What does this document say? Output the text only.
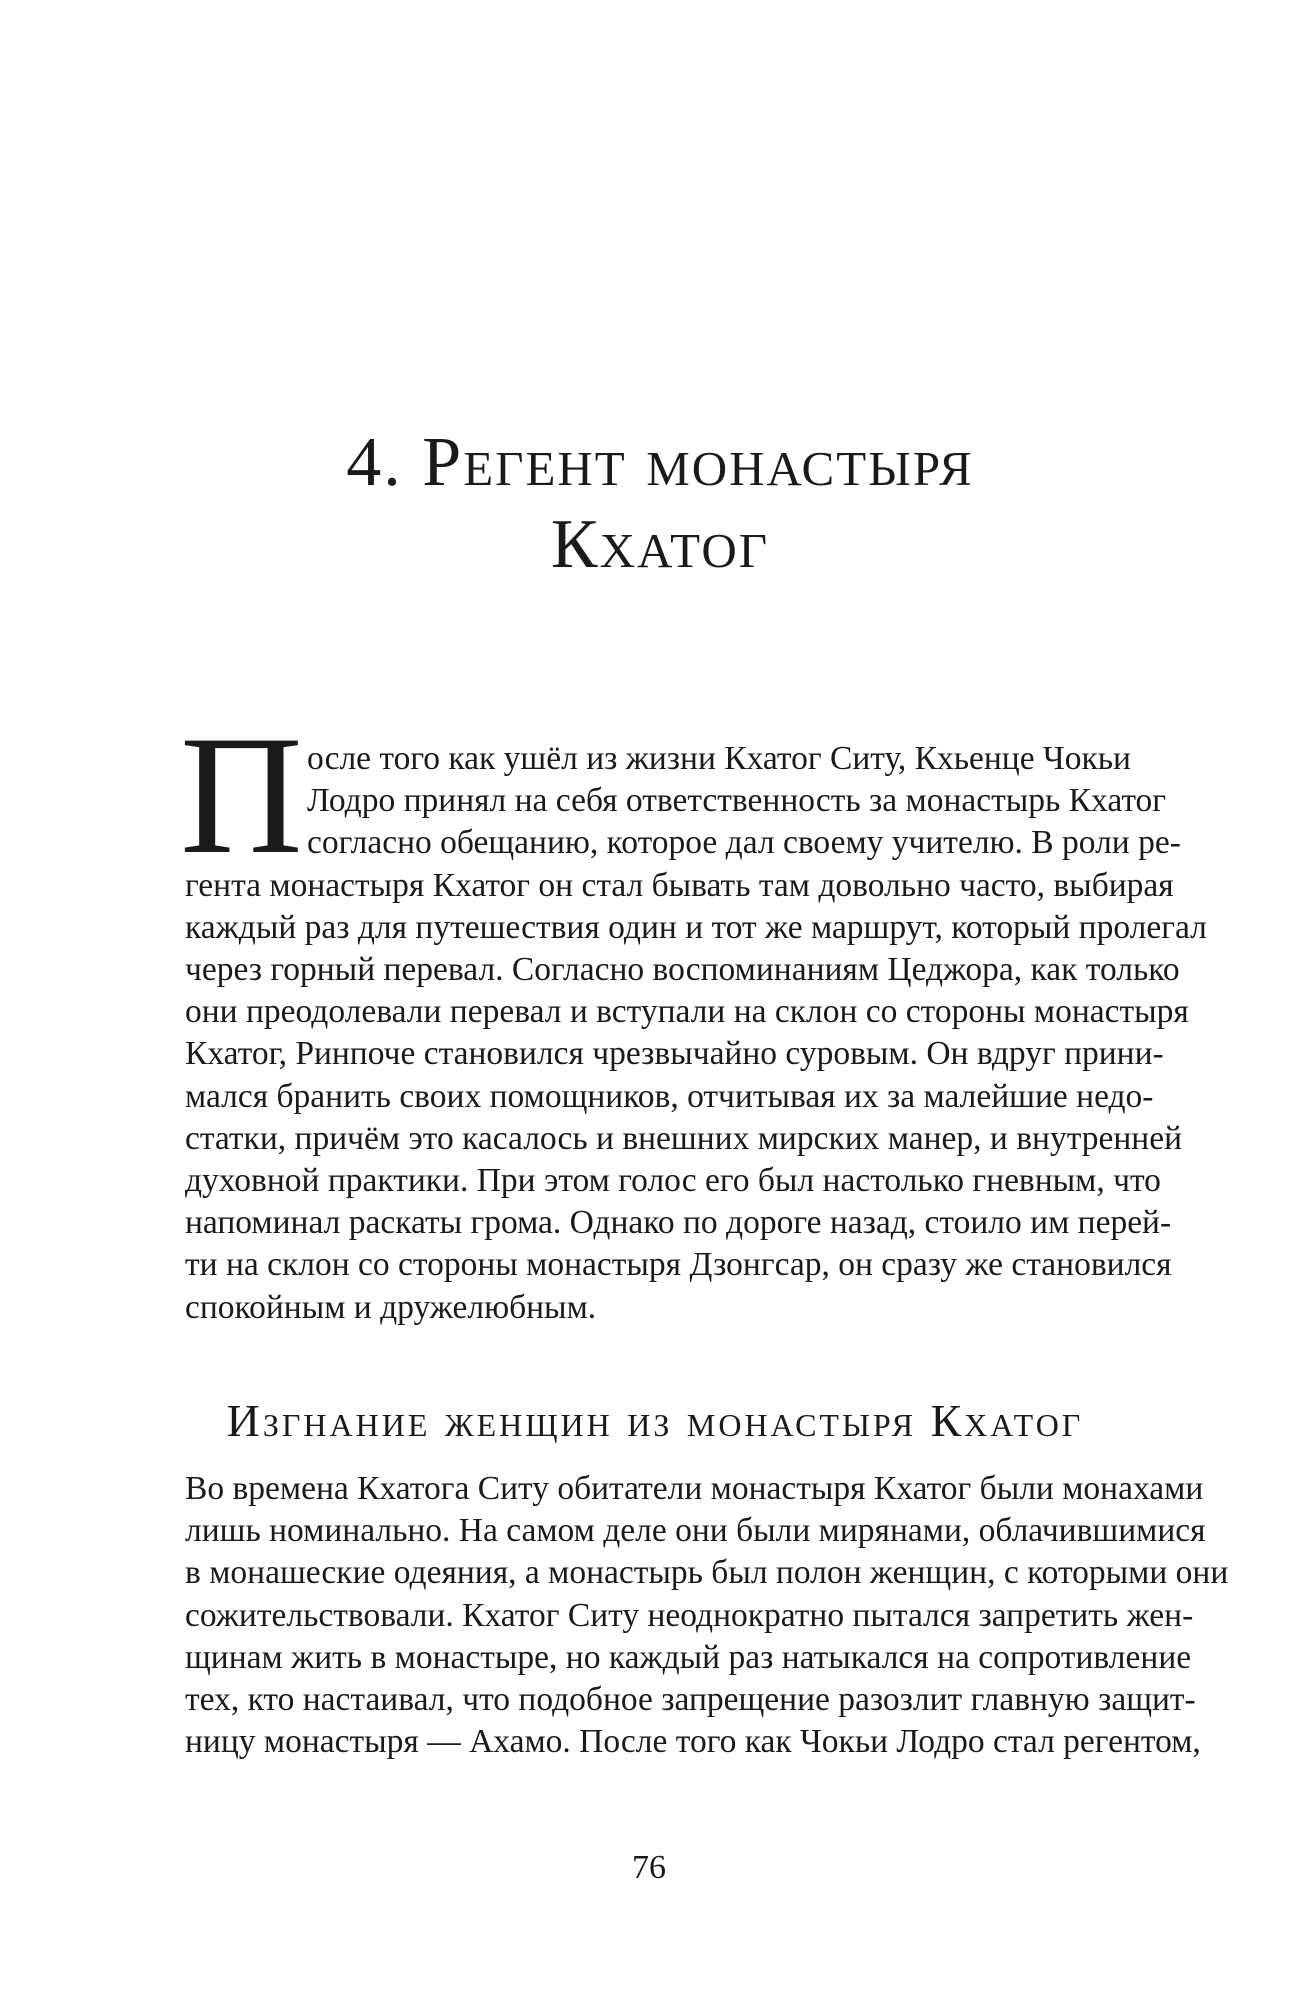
4. Регент монастыря
Кхатог
П осле того как ушёл из жизни Кхатог Ситу, Кхьенце Чокьи
Лодро принял на себя ответственность за монастырь Кхатог
согласно обещанию, которое дал своему учителю. В роли ре-
гента монастыря Кхатог он стал бывать там довольно часто, выбирая
каждый раз для путешествия один и тот же маршрут, который пролегал
через горный перевал. Согласно воспоминаниям Цеджора, как только
они преодолевали перевал и вступали на склон со стороны монастыря
Кхатог, Ринпоче становился чрезвычайно суровым. Он вдруг прини-
мался бранить своих помощников, отчитывая их за малейшие недо-
статки, причём это касалось и внешних мирских манер, и внутренней
духовной практики. При этом голос его был настолько гневным, что
напоминал раскаты грома. Однако по дороге назад, стоило им перей-
ти на склон со стороны монастыря Дзонгсар, он сразу же становился
спокойным и дружелюбным.
Изгнание женщин из монастыря Кхатог
Во времена Кхатога Ситу обитатели монастыря Кхатог были монахами
лишь номинально. На самом деле они были мирянами, облачившимися
в монашеские одеяния, а монастырь был полон женщин, с которыми они
сожительствовали. Кхатог Ситу неоднократно пытался запретить жен-
щинам жить в монастыре, но каждый раз натыкался на сопротивление
тех, кто настаивал, что подобное запрещение разозлит главную защит-
ницу монастыря — Ахамо. После того как Чокьи Лодро стал регентом,
76
